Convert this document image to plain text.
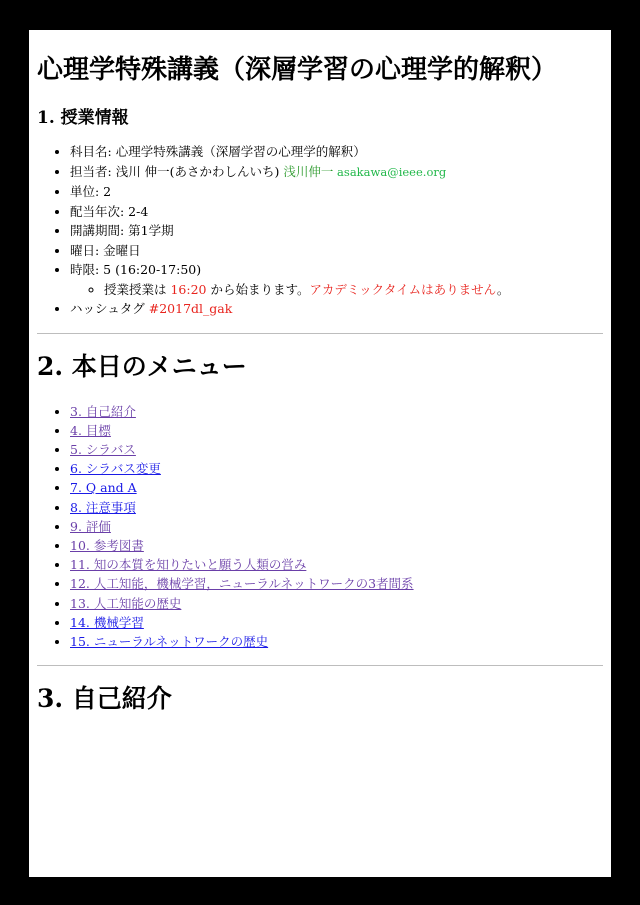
心理学特殊講義（深層学習の心理学的解釈）
1. 授業情報
• 科目名: 心理学特殊講義（深層学習の心理学的解釈）
• 担当者: 浅川 伸一(あさかわしんいち) 浅川伸一 asakawa@ieee.org
• 単位: 2
• 配当年次: 2-4
• 開講期間: 第1学期
• 曜日: 金曜日
• 時限: 5 (16:20-17:50)
◦ 授業授業は 16:20 から始まります。アカデミックタイムはありません。
• ハッシュタグ #2017dl_gak
2. 本日のメニュー
• 3. 自己紹介
• 4. 目標
• 5. シラバス
• 6. シラバス変更
• 7. Q and A
• 8. 注意事項
• 9. 評価
• 10. 参考図書
• 11. 知の本質を知りたいと願う人類の営み
• 12. 人工知能，機械学習，ニューラルネットワークの3者間系
• 13. 人工知能の歴史
• 14. 機械学習
• 15. ニューラルネットワークの歴史
3. 自己紹介
